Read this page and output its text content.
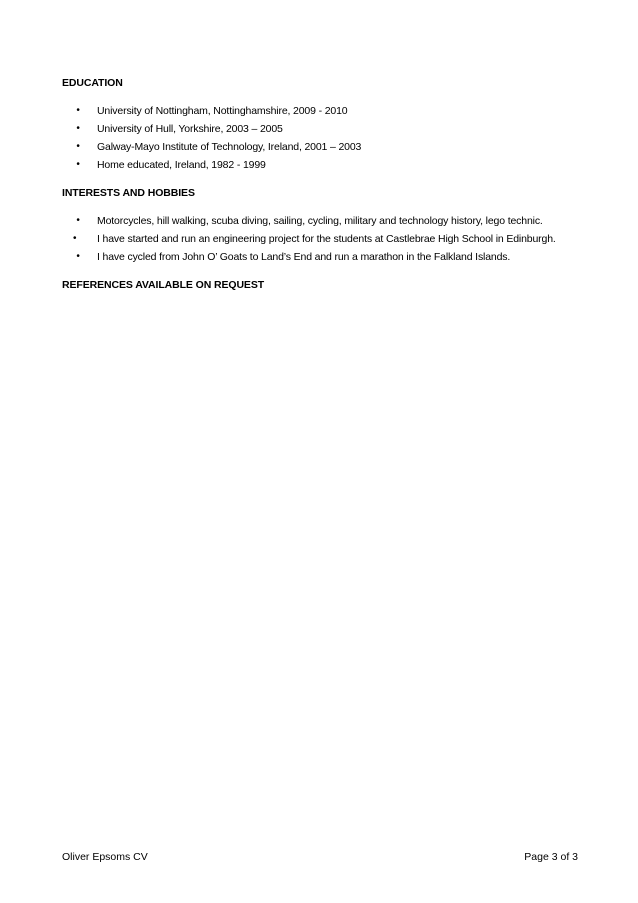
EDUCATION
•	University of Nottingham, Nottinghamshire, 2009 - 2010
•	University of Hull, Yorkshire, 2003 – 2005
•	Galway-Mayo Institute of Technology, Ireland, 2001 – 2003
•	Home educated, Ireland, 1982 - 1999
INTERESTS AND HOBBIES
•	Motorcycles, hill walking, scuba diving, sailing, cycling, military and technology history, lego technic.
•	I have started and run an engineering project for the students at Castlebrae High School in Edinburgh.
•	I have cycled from John O’ Goats to Land’s End and run a marathon in the Falkland Islands.
REFERENCES AVAILABLE ON REQUEST
Oliver Epsoms CV	Page 3 of 3
